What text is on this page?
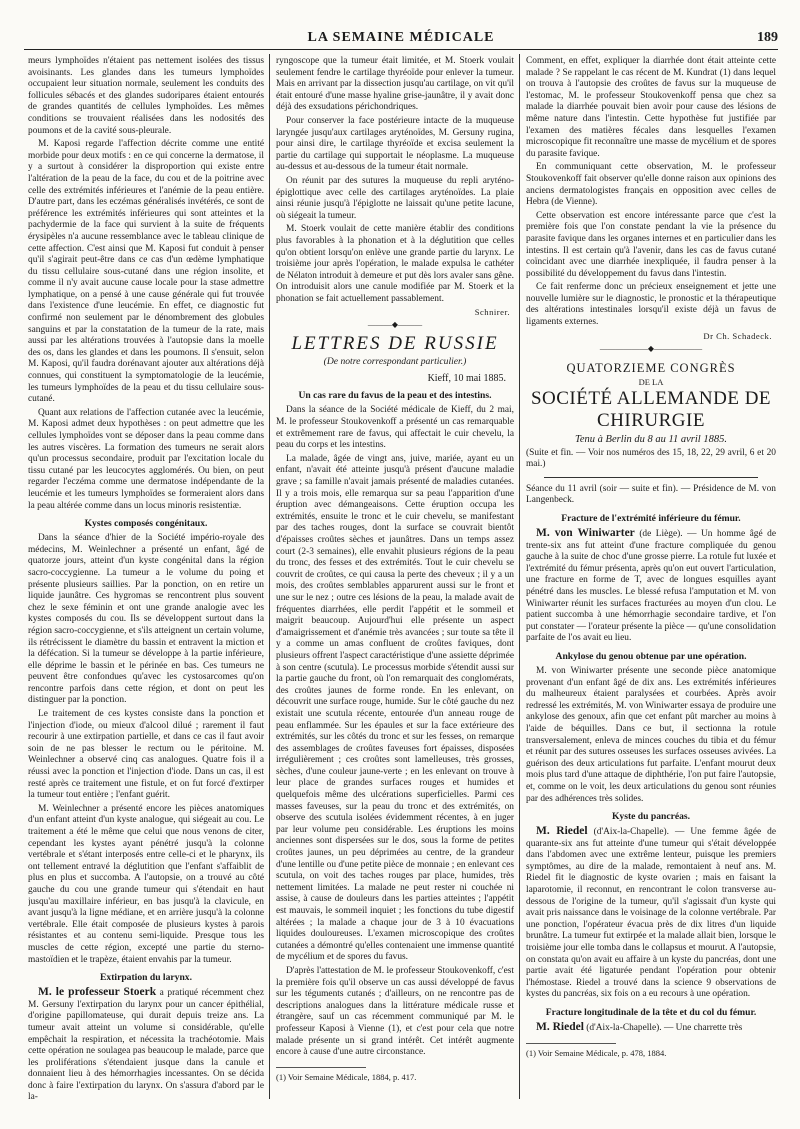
LA SEMAINE MÉDICALE	189

meurs lymphoïdes n'étaient pas nettement isolées des tissus avoisinants. Les glandes dans les tumeurs lymphoïdes occupaient leur situation normale, seulement les conduits des follicules sébacés et des glandes sudoripares étaient entourés de grandes quantités de cellules lymphoïdes. Les mêmes conditions se trouvaient réalisées dans les nodosités des poumons et de la cavité sous-pleurale.

M. Kaposi regarde l'affection décrite comme une entité morbide pour deux motifs : en ce qui concerne la dermatose, il y a surtout à considérer la disproportion qui existe entre l'altération de la peau de la face, du cou et de la poitrine avec celle des extrémités inférieures et l'anémie de la peau entière. D'autre part, dans les eczémas généralisés invétérés, ce sont de préférence les extrémités inférieures qui sont atteintes et la pachydermie de la face qui survient à la suite de fréquents érysipèles n'a aucune ressemblance avec le tableau clinique de cette affection. C'est ainsi que M. Kaposi fut conduit à penser qu'il s'agirait peut-être dans ce cas d'un œdème lymphatique du tissu cellulaire sous-cutané dans une région insolite, et comme il n'y avait aucune cause locale pour la stase admettre lymphatique, on a pensé à une cause générale qui fut trouvée dans l'existence d'une leucémie. En effet, ce diagnostic fut confirmé non seulement par le dénombrement des globules sanguins et par la constatation de la tumeur de la rate, mais aussi par les altérations trouvées à l'autopsie dans la moelle des os, dans les glandes et dans les poumons. Il s'ensuit, selon M. Kaposi, qu'il faudra dorénavant ajouter aux altérations déjà connues, qui constituent la symptomatologie de la leucémie, les tumeurs lymphoïdes de la peau et du tissu cellulaire sous-cutané.

Quant aux relations de l'affection cutanée avec la leucémie, M. Kaposi admet deux hypothèses : on peut admettre que les cellules lymphoïdes vont se déposer dans la peau comme dans les autres viscères. La formation des tumeurs ne serait alors qu'un processus secondaire, produit par l'excitation locale du tissu cutané par les leucocytes agglomérés. Ou bien, on peut regarder l'eczéma comme une dermatose indépendante de la leucémie et les tumeurs lymphoïdes se formeraient alors dans la peau altérée comme dans un locus minoris resistentiæ.

Kystes composés congénitaux.

Dans la séance d'hier de la Société império-royale des médecins, M. Weinlechner a présenté un enfant, âgé de quatorze jours, atteint d'un kyste congénital dans la région sacro-coccygienne. La tumeur a le volume du poing et présente plusieurs saillies. Par la ponction, on en retire un liquide jaunâtre. Ces hygromas se rencontrent plus souvent chez le sexe féminin et ont une grande analogie avec les kystes composés du cou. Ils se développent surtout dans la région sacro-coccygienne, et s'ils atteignent un certain volume, ils rétrécissent le diamètre du bassin et entravent la miction et la défécation. Si la tumeur se développe à la partie inférieure, elle déprime le bassin et le périnée en bas. Ces tumeurs ne peuvent être confondues qu'avec les cystosarcomes qu'on rencontre parfois dans cette région, et dont on peut les distinguer par la ponction.

Le traitement de ces kystes consiste dans la ponction et l'injection d'iode, ou mieux d'alcool dilué ; rarement il faut recourir à une extirpation partielle, et dans ce cas il faut avoir soin de ne pas blesser le rectum ou le péritoine. M. Weinlechner a observé cinq cas analogues. Quatre fois il a réussi avec la ponction et l'injection d'iode. Dans un cas, il est resté après ce traitement une fistule, et on fut forcé d'extirper la tumeur tout entière ; l'enfant guérit.

M. Weinlechner a présenté encore les pièces anatomiques d'un enfant atteint d'un kyste analogue, qui siégeait au cou. Le traitement a été le même que celui que nous venons de citer, cependant les kystes ayant pénétré jusqu'à la colonne vertébrale et s'étant interposés entre celle-ci et le pharynx, ils ont tellement entravé la déglutition que l'enfant s'affaiblit de plus en plus et succomba. A l'autopsie, on a trouvé au côté gauche du cou une grande tumeur qui s'étendait en haut jusqu'au maxillaire inférieur, en bas jusqu'à la clavicule, en avant jusqu'à la ligne médiane, et en arrière jusqu'à la colonne vertébrale. Elle était composée de plusieurs kystes à parois résistantes et au contenu semi-liquide. Presque tous les muscles de cette région, excepté une partie du sterno-mastoïdien et le trapèze, étaient envahis par la tumeur.

Extirpation du larynx.

M. le professeur Stoerk a pratiqué récemment chez M. Gersuny l'extirpation du larynx pour un cancer épithélial, d'origine papillomateuse, qui durait depuis treize ans. La tumeur avait atteint un volume si considérable, qu'elle empêchait la respiration, et nécessita la trachéotomie. Mais cette opération ne soulagea pas beaucoup le malade, parce que les proliférations s'étendaient jusque dans la canule et donnaient lieu à des hémorrhagies incessantes. On se décida donc à faire l'extirpation du larynx. On s'assura d'abord par le la-

ryngoscope que la tumeur était limitée, et M. Stoerk voulait seulement fendre le cartilage thyréoïde pour enlever la tumeur. Mais en arrivant par la dissection jusqu'au cartilage, on vit qu'il était entouré d'une masse hyaline grise-jaunâtre, il y avait donc déjà des exsudations périchondriques.

Pour conserver la face postérieure intacte de la muqueuse laryngée jusqu'aux cartilages aryténoïdes, M. Gersuny rugina, pour ainsi dire, le cartilage thyréoïde et excisa seulement la partie du cartilage qui supportait le néoplasme. La muqueuse au-dessus et au-dessous de la tumeur était normale.

On réunit par des sutures la muqueuse du repli aryténo-épiglottique avec celle des cartilages aryténoïdes. La plaie ainsi réunie jusqu'à l'épiglotte ne laissait qu'une petite lacune, où siégeait la tumeur.

M. Stoerk voulait de cette manière établir des conditions plus favorables à la phonation et à la déglutition que celles qu'on obtient lorsqu'on enlève une grande partie du larynx. Le troisième jour après l'opération, le malade expulsa le cathéter de Nélaton introduit à demeure et put dès lors avaler sans gêne. On introduisit alors une canule modifiée par M. Stoerk et la phonation se fait actuellement passablement.

Schnirer.
———◆———
LETTRES DE RUSSIE
(De notre correspondant particulier.)
Kieff, 10 mai 1885.
Un cas rare du favus de la peau et des intestins.

Dans la séance de la Société médicale de Kieff, du 2 mai, M. le professeur Stoukovenkoff a présenté un cas remarquable et extrêmement rare de favus, qui affectait le cuir chevelu, la peau du corps et les intestins.

La malade, âgée de vingt ans, juive, mariée, ayant eu un enfant, n'avait été atteinte jusqu'à présent d'aucune maladie grave ; sa famille n'avait jamais présenté de maladies cutanées. Il y a trois mois, elle remarqua sur sa peau l'apparition d'une éruption avec démangeaisons. Cette éruption occupa les extrémités, ensuite le tronc et le cuir chevelu, se manifestant par des taches rouges, dont la surface se couvrait bientôt d'épaisses croûtes sèches et jaunâtres. Dans un temps assez court (2-3 semaines), elle envahit plusieurs régions de la peau du tronc, des fesses et des extrémités. Tout le cuir chevelu se couvrit de croûtes, ce qui causa la perte des cheveux ; il y a un mois, des croûtes semblables apparurent aussi sur le front et une sur le nez ; outre ces lésions de la peau, la malade avait de fréquentes diarrhées, elle perdit l'appétit et le sommeil et maigrit beaucoup. Aujourd'hui elle présente un aspect d'amaigrissement et d'anémie très avancées ; sur toute sa tête il y a comme un amas confluent de croûtes faviques, dont plusieurs offrent l'aspect caractéristique d'une assiette déprimée à son centre (scutula). Le processus morbide s'étendit aussi sur la partie gauche du front, où l'on remarquait des conglomérats, des croûtes jaunes de forme ronde. En les enlevant, on découvrit une surface rouge, humide. Sur le côté gauche du nez existait une scutula récente, entourée d'un anneau rouge de peau enflammée. Sur les épaules et sur la face extérieure des extrémités, sur les côtés du tronc et sur les fesses, on remarque des assemblages de croûtes faveuses fort épaisses, disposées irrégulièrement ; ces croûtes sont lamelleuses, très grosses, sèches, d'une couleur jaune-verte ; en les enlevant on trouve à leur place de grandes surfaces rouges et humides et quelquefois même des ulcérations superficielles. Parmi ces masses faveuses, sur la peau du tronc et des extrémités, on observe des scutula isolées évidemment récentes, à en juger par leur volume peu considérable. Les éruptions les moins anciennes sont dispersées sur le dos, sous la forme de petites croûtes jaunes, un peu déprimées au centre, de la grandeur d'une lentille ou d'une petite pièce de monnaie ; en enlevant ces scutula, on voit des taches rouges par place, humides, très nettement limitées. La malade ne peut rester ni couchée ni assise, à cause de douleurs dans les parties atteintes ; l'appétit est mauvais, le sommeil inquiet ; les fonctions du tube digestif altérées ; la malade a chaque jour de 3 à 10 évacuations liquides douloureuses. L'examen microscopique des croûtes cutanées a démontré qu'elles contenaient une immense quantité de mycélium et de spores du favus.

D'après l'attestation de M. le professeur Stoukovenkoff, c'est la première fois qu'il observe un cas aussi développé de favus sur les téguments cutanés ; d'ailleurs, on ne rencontre pas de descriptions analogues dans la littérature médicale russe et étrangère, sauf un cas récemment communiqué par M. le professeur Kaposi à Vienne (1), et c'est pour cela que notre malade présente un si grand intérêt. Cet intérêt augmente encore à cause d'une autre circonstance.

(1) Voir Semaine Médicale, 1884, p. 417.

Comment, en effet, expliquer la diarrhée dont était atteinte cette malade ? Se rappelant le cas récent de M. Kundrat (1) dans lequel on trouva à l'autopsie des croûtes de favus sur la muqueuse de l'estomac, M. le professeur Stoukovenkoff pensa que chez sa malade la diarrhée pouvait bien avoir pour cause des lésions de même nature dans l'intestin. Cette hypothèse fut justifiée par l'examen des matières fécales dans lesquelles l'examen microscopique fit reconnaître une masse de mycélium et de spores du parasite favique.

En communiquant cette observation, M. le professeur Stoukovenkoff fait observer qu'elle donne raison aux opinions des anciens dermatologistes français en opposition avec celles de Hebra (de Vienne).

Cette observation est encore intéressante parce que c'est la première fois que l'on constate pendant la vie la présence du parasite favique dans les organes internes et en particulier dans les intestins. Il est certain qu'à l'avenir, dans les cas de favus cutané coïncidant avec une diarrhée inexpliquée, il faudra penser à la possibilité du développement du favus dans l'intestin.

Ce fait renferme donc un précieux enseignement et jette une nouvelle lumière sur le diagnostic, le pronostic et la thérapeutique des altérations intestinales lorsqu'il existe déjà un favus de ligaments externes.

Dr Ch. Schadeck.
——————◆——————
QUATORZIEME CONGRÈS
DE LA
SOCIÉTÉ ALLEMANDE DE CHIRURGIE
Tenu à Berlin du 8 au 11 avril 1885.

(Suite et fin. — Voir nos numéros des 15, 18, 22, 29 avril, 6 et 20 mai.)

Séance du 11 avril (soir — suite et fin). — Présidence de M. von Langenbeck.

Fracture de l'extrémité inférieure du fémur.

M. von Winiwarter (de Liège). — Un homme âgé de trente-six ans fut atteint d'une fracture compliquée du genou gauche à la suite de choc d'une grosse pierre. La rotule fut luxée et l'extrémité du fémur présenta, après qu'on eut ouvert l'articulation, une fracture en forme de T, avec de longues esquilles ayant pénétré dans les muscles. Le blessé refusa l'amputation et M. von Winiwarter réunit les surfaces fracturées au moyen d'un clou. Le patient succomba à une hémorrhagie secondaire tardive, et l'on put constater — l'orateur présente la pièce — qu'une consolidation parfaite de l'os avait eu lieu.

Ankylose du genou obtenue par une opération.

M. von Winiwarter présente une seconde pièce anatomique provenant d'un enfant âgé de dix ans. Les extrémités inférieures du malheureux étaient paralysées et courbées. Après avoir redressé les extrémités, M. von Winiwarter essaya de produire une ankylose des genoux, afin que cet enfant pût marcher au moins à l'aide de béquilles. Dans ce but, il sectionna la rotule transversalement, enleva de minces couches du tibia et du fémur et réunit par des sutures osseuses les surfaces osseuses avivées. La guérison des deux articulations fut parfaite. L'enfant mourut deux mois plus tard d'une attaque de diphthérie, l'on put faire l'autopsie, et, comme on le voit, les deux articulations du genou sont réunies par des adhérences très solides.

Kyste du pancréas.

M. Riedel (d'Aix-la-Chapelle). — Une femme âgée de quarante-six ans fut atteinte d'une tumeur qui s'était développée dans l'abdomen avec une extrême lenteur, puisque les premiers symptômes, au dire de la malade, remontaient à neuf ans. M. Riedel fit le diagnostic de kyste ovarien ; mais en faisant la laparotomie, il reconnut, en rencontrant le colon transverse au-dessous de l'origine de la tumeur, qu'il s'agissait d'un kyste qui avait pris naissance dans le voisinage de la colonne vertébrale. Par une ponction, l'opérateur évacua près de dix litres d'un liquide brunâtre. La tumeur fut extirpée et la malade allait bien, lorsque le troisième jour elle tomba dans le collapsus et mourut. A l'autopsie, on constata qu'on avait eu affaire à un kyste du pancréas, dont une partie avait été ligaturée pendant l'opération pour obtenir l'hémostase. Riedel a trouvé dans la science 9 observations de kystes du pancréas, six fois on a eu recours à une opération.

Fracture longitudinale de la tête et du col du fémur.

M. Riedel (d'Aix-la-Chapelle). — Une charrette très

(1) Voir Semaine Médicale, p. 478, 1884.
